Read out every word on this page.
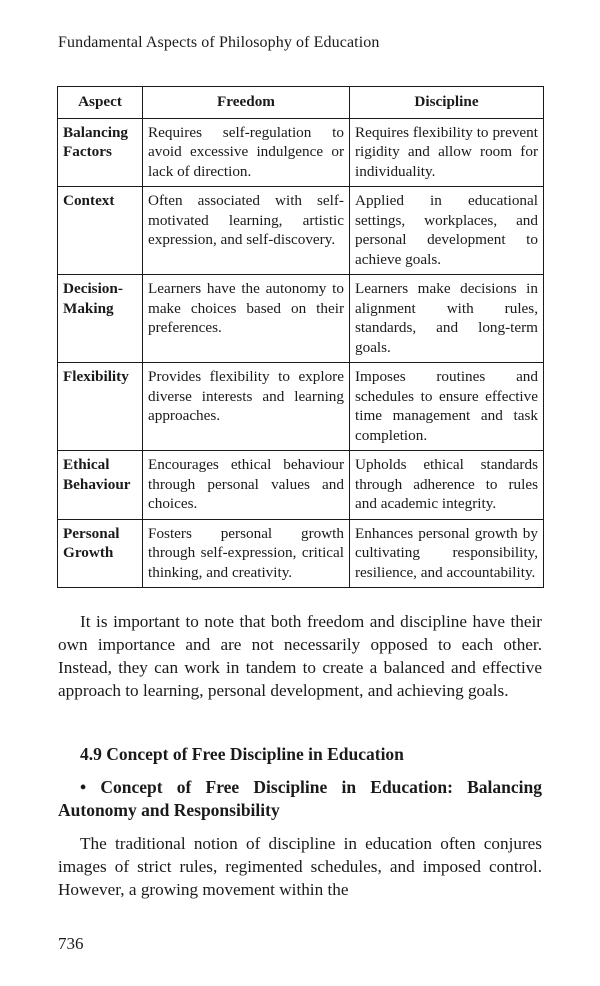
Fundamental Aspects of Philosophy of Education
Aspect	Freedom	Discipline
Balancing Factors	Requires self-regulation to avoid excessive indulgence or lack of direction.	Requires flexibility to prevent rigidity and allow room for individuality.
Context	Often associated with self-motivated learning, artistic expression, and self-discovery.	Applied in educational settings, workplaces, and personal development to achieve goals.
Decision-Making	Learners have the autonomy to make choices based on their preferences.	Learners make decisions in alignment with rules, standards, and long-term goals.
Flexibility	Provides flexibility to explore diverse interests and learning approaches.	Imposes routines and schedules to ensure effective time management and task completion.
Ethical Behaviour	Encourages ethical behaviour through personal values and choices.	Upholds ethical standards through adherence to rules and academic integrity.
Personal Growth	Fosters personal growth through self-expression, critical thinking, and creativity.	Enhances personal growth by cultivating responsibility, resilience, and accountability.

It is important to note that both freedom and discipline have their own importance and are not necessarily opposed to each other. Instead, they can work in tandem to create a balanced and effective approach to learning, personal development, and achieving goals.

4.9 Concept of Free Discipline in Education
• Concept of Free Discipline in Education: Balancing Autonomy and Responsibility

The traditional notion of discipline in education often conjures images of strict rules, regimented schedules, and imposed control. However, a growing movement within the

736
